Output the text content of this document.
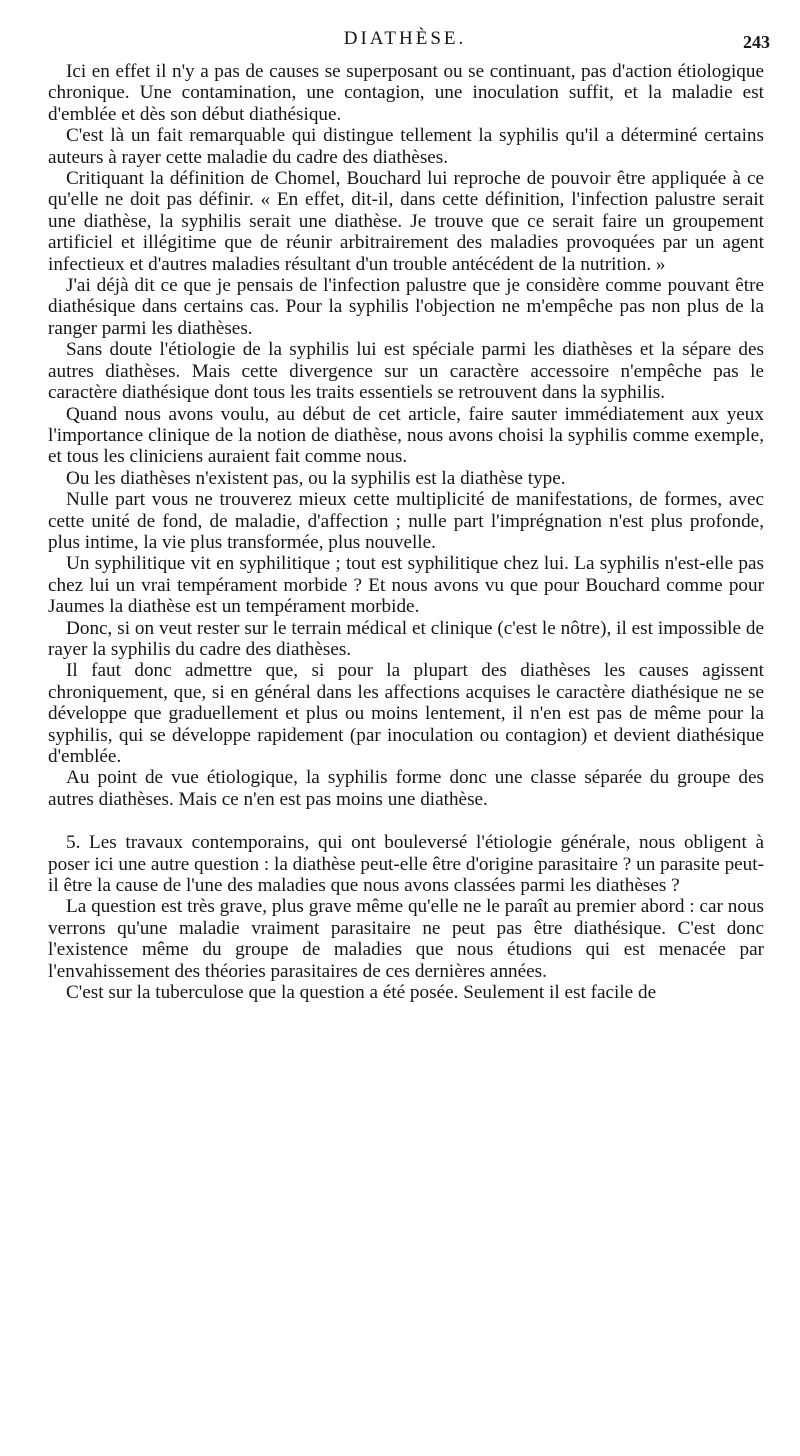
DIATHÈSE.	243

Ici en effet il n'y a pas de causes se superposant ou se continuant, pas d'action étiologique chronique. Une contamination, une contagion, une inoculation suffit, et la maladie est d'emblée et dès son début diathésique.

C'est là un fait remarquable qui distingue tellement la syphilis qu'il a déterminé certains auteurs à rayer cette maladie du cadre des diathèses.

Critiquant la définition de Chomel, Bouchard lui reproche de pouvoir être appliquée à ce qu'elle ne doit pas définir. « En effet, dit-il, dans cette définition, l'infection palustre serait une diathèse, la syphilis serait une diathèse. Je trouve que ce serait faire un groupement artificiel et illégitime que de réunir arbitrairement des maladies provoquées par un agent infectieux et d'autres maladies résultant d'un trouble antécédent de la nutrition. »

J'ai déjà dit ce que je pensais de l'infection palustre que je considère comme pouvant être diathésique dans certains cas. Pour la syphilis l'objection ne m'empêche pas non plus de la ranger parmi les diathèses.

Sans doute l'étiologie de la syphilis lui est spéciale parmi les diathèses et la sépare des autres diathèses. Mais cette divergence sur un caractère accessoire n'empêche pas le caractère diathésique dont tous les traits essentiels se retrouvent dans la syphilis.

Quand nous avons voulu, au début de cet article, faire sauter immédiatement aux yeux l'importance clinique de la notion de diathèse, nous avons choisi la syphilis comme exemple, et tous les cliniciens auraient fait comme nous.

Ou les diathèses n'existent pas, ou la syphilis est la diathèse type.

Nulle part vous ne trouverez mieux cette multiplicité de manifestations, de formes, avec cette unité de fond, de maladie, d'affection ; nulle part l'imprégnation n'est plus profonde, plus intime, la vie plus transformée, plus nouvelle.

Un syphilitique vit en syphilitique ; tout est syphilitique chez lui. La syphilis n'est-elle pas chez lui un vrai tempérament morbide ? Et nous avons vu que pour Bouchard comme pour Jaumes la diathèse est un tempérament morbide.

Donc, si on veut rester sur le terrain médical et clinique (c'est le nôtre), il est impossible de rayer la syphilis du cadre des diathèses.

Il faut donc admettre que, si pour la plupart des diathèses les causes agissent chroniquement, que, si en général dans les affections acquises le caractère diathésique ne se développe que graduellement et plus ou moins lentement, il n'en est pas de même pour la syphilis, qui se développe rapidement (par inoculation ou contagion) et devient diathésique d'emblée.

Au point de vue étiologique, la syphilis forme donc une classe séparée du groupe des autres diathèses. Mais ce n'en est pas moins une diathèse.

5. Les travaux contemporains, qui ont bouleversé l'étiologie générale, nous obligent à poser ici une autre question : la diathèse peut-elle être d'origine parasitaire ? un parasite peut-il être la cause de l'une des maladies que nous avons classées parmi les diathèses ?

La question est très grave, plus grave même qu'elle ne le paraît au premier abord : car nous verrons qu'une maladie vraiment parasitaire ne peut pas être diathésique. C'est donc l'existence même du groupe de maladies que nous étudions qui est menacée par l'envahissement des théories parasitaires de ces dernières années.

C'est sur la tuberculose que la question a été posée. Seulement il est facile de
